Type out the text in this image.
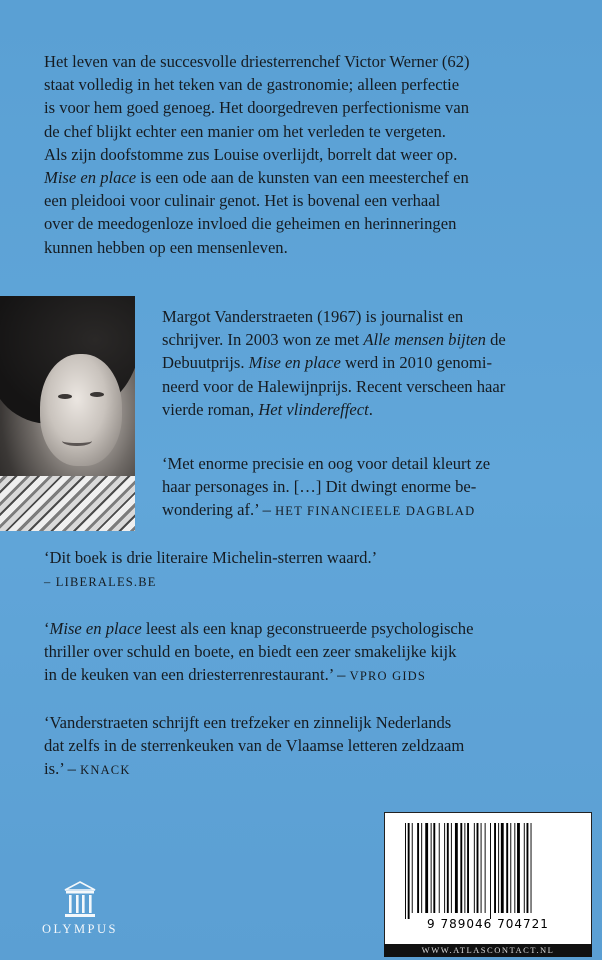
Het leven van de succesvolle driesterrenchef Victor Werner (62)
staat volledig in het teken van de gastronomie; alleen perfectie
is voor hem goed genoeg. Het doorgedreven perfectionisme van
de chef blijkt echter een manier om het verleden te vergeten.
Als zijn doofstomme zus Louise overlijdt, borrelt dat weer op.
Mise en place is een ode aan de kunsten van een meesterchef en
een pleidooi voor culinair genot. Het is bovenal een verhaal
over de meedogenloze invloed die geheimen en herinneringen
kunnen hebben op een mensenleven.

Margot Vanderstraeten (1967) is journalist en
schrijver. In 2003 won ze met Alle mensen bijten de
Debuutprijs. Mise en place werd in 2010 genomi-
neerd voor de Halewijnprijs. Recent verscheen haar
vierde roman, Het vlindereffect.

‘Met enorme precisie en oog voor detail kleurt ze
haar personages in. […] Dit dwingt enorme be-
wondering af.’ – HET FINANCIEELE DAGBLAD

‘Dit boek is drie literaire Michelin-sterren waard.’
– LIBERALES.BE

‘Mise en place leest als een knap geconstrueerde psychologische
thriller over schuld en boete, en biedt een zeer smakelijke kijk
in de keuken van een driesterrenrestaurant.’ – VPRO GIDS

‘Vanderstraeten schrijft een trefzeker en zinnelijk Nederlands
dat zelfs in de sterrenkeuken van de Vlaamse letteren zeldzaam
is.’ – KNACK

OLYMPUS	9 789046 704721
WWW.ATLASCONTACT.NL
